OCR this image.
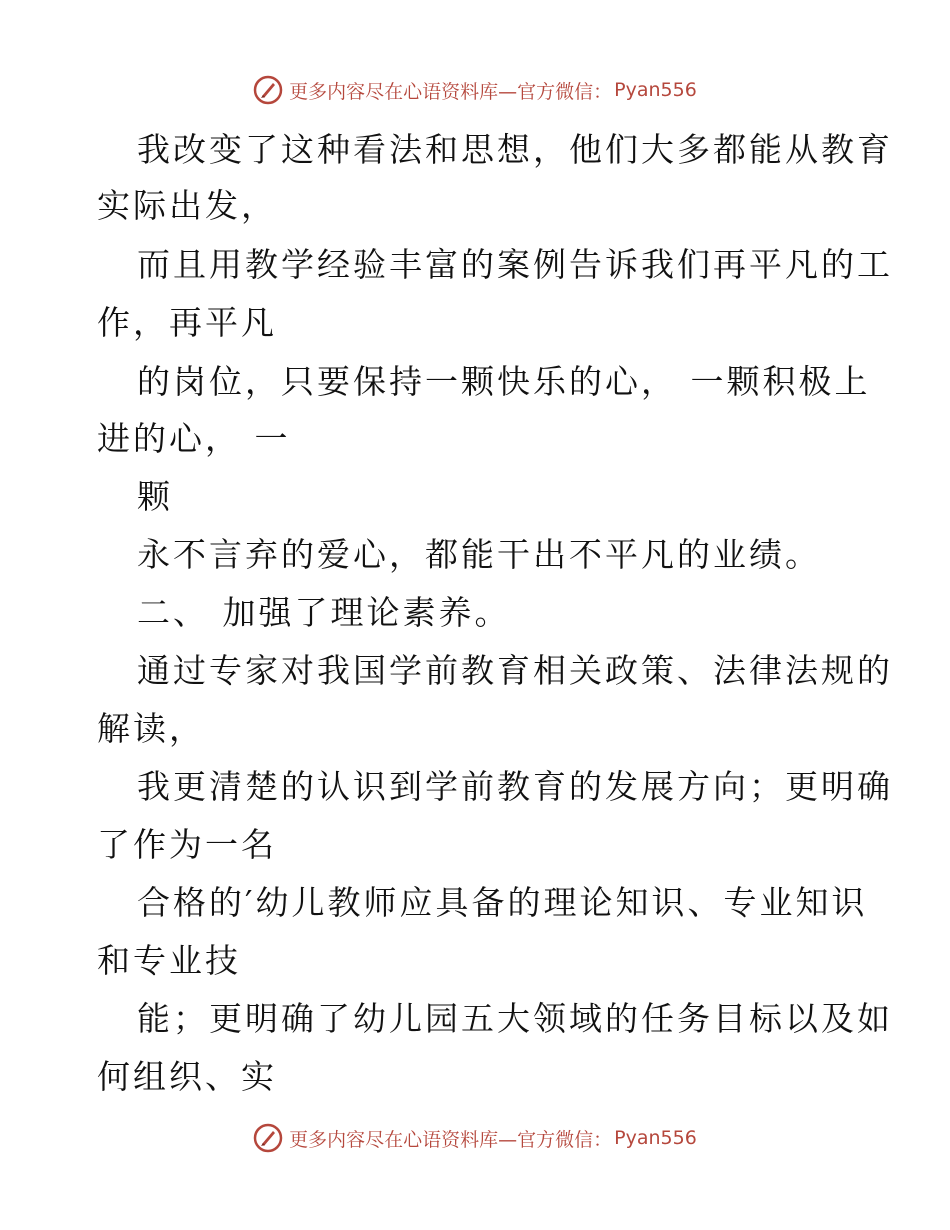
更多内容尽在心语资料库—官方微信： Pyan556
我改变了这种看法和思想，他们大多都能从教育
实际出发，
而且用教学经验丰富的案例告诉我们再平凡的工
作，再平凡
的岗位，只要保持一颗快乐的心， 一颗积极上
进的心， 一
颗
永不言弃的爱心，都能干出不平凡的业绩。
二、 加强了理论素养。
通过专家对我国学前教育相关政策、法律法规的
解读，
我更清楚的认识到学前教育的发展方向；更明确
了作为一名
合格的′幼儿教师应具备的理论知识、专业知识
和专业技
能；更明确了幼儿园五大领域的任务目标以及如
何组织、实
更多内容尽在心语资料库—官方微信： Pyan556
